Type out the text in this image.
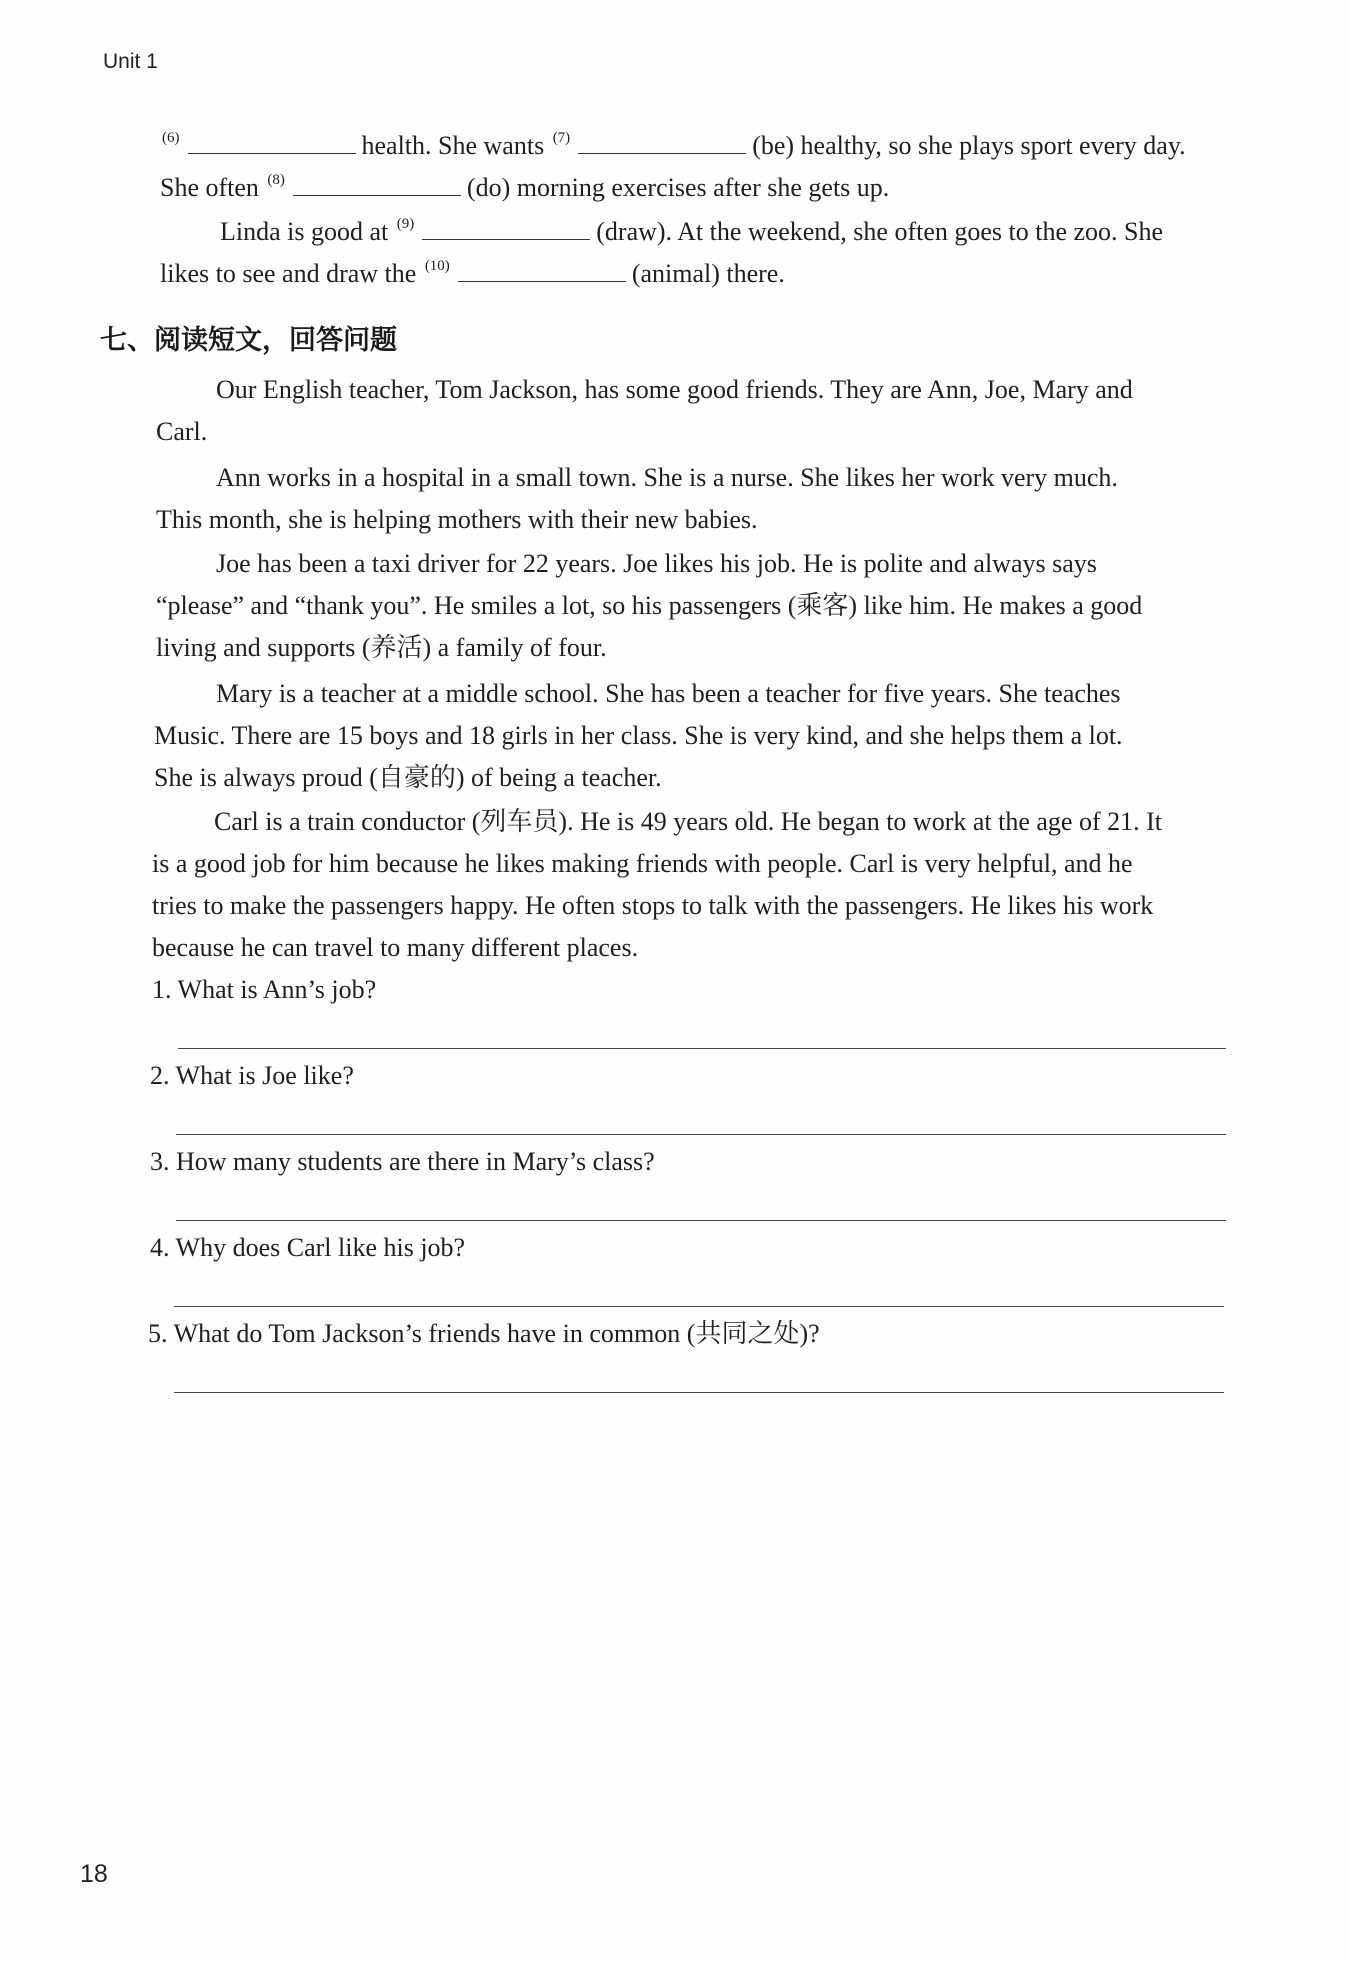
Unit 1
$^{(6)}$	health. She wants $^{(7)}$	(be) healthy, so she plays sport every day.
She often $^{(8)}$	(do) morning exercises after she gets up.
Linda is good at $^{(9)}$	(draw). At the weekend, she often goes to the zoo. She
likes to see and draw the $^{(10)}$	(animal) there.
七、阅读短文，回答问题
Our English teacher, Tom Jackson, has some good friends. They are Ann, Joe, Mary and
Carl.
Ann works in a hospital in a small town. She is a nurse. She likes her work very much.
This month, she is helping mothers with their new babies.
Joe has been a taxi driver for 22 years. Joe likes his job. He is polite and always says
“please” and “thank you”. He smiles a lot, so his passengers (乘客) like him. He makes a good
living and supports (养活) a family of four.
Mary is a teacher at a middle school. She has been a teacher for five years. She teaches
Music. There are 15 boys and 18 girls in her class. She is very kind, and she helps them a lot.
She is always proud (自豪的) of being a teacher.
Carl is a train conductor (列车员). He is 49 years old. He began to work at the age of 21. It
is a good job for him because he likes making friends with people. Carl is very helpful, and he
tries to make the passengers happy. He often stops to talk with the passengers. He likes his work
because he can travel to many different places.
1. What is Ann’s job?
2. What is Joe like?
3. How many students are there in Mary’s class?
4. Why does Carl like his job?
5. What do Tom Jackson’s friends have in common (共同之处)?
18
